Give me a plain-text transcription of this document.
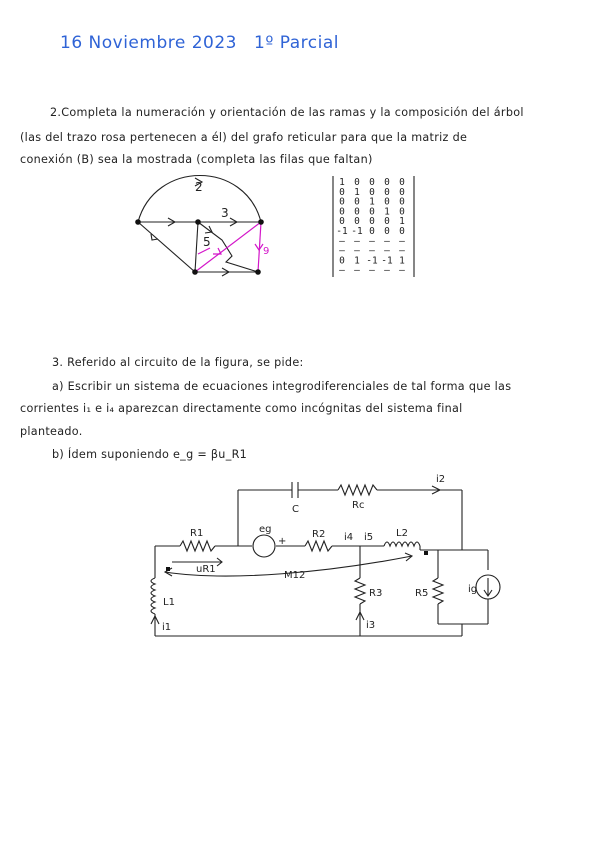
16 Noviembre 2023 1º Parcial
2.Completa la numeración y orientación de las ramas y la composición del árbol
(las del trazo rosa pertenecen a él) del grafo reticular para que la matriz de
conexión (B) sea la mostrada (completa las filas que faltan)
2
3
5
9
1 0 0 0 0
0 1 0 0 0
0 0 1 0 0
0 0 0 1 0
0 0 0 0 1
-1 -1 0 0 0
– – – – –
– – – – –
0 1 -1 -1 1
– – – – –
3. Referido al circuito de la figura, se pide:
a) Escribir un sistema de ecuaciones integrodiferenciales de tal forma que las
corrientes i₁ e i₄ aparezcan directamente como incógnitas del sistema final
planteado.
b) Ídem suponiendo e_g = βu_R1
C	Rc
i2
R1	eg
+
uR1
R2 i4 i5 L2
M12
L1
i1
R3
i3
R5	ig
